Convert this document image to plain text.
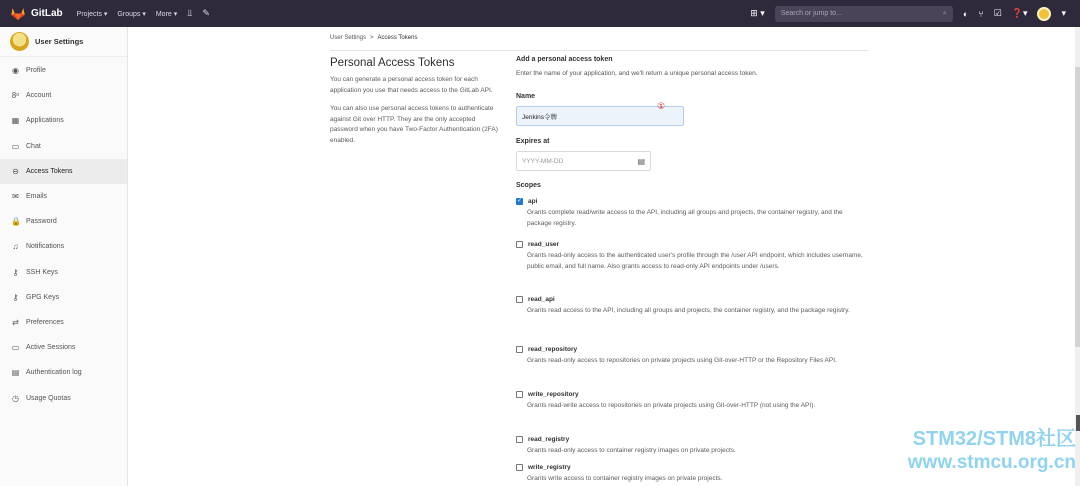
GitLab Projects ▾ Groups ▾ More ▾ ⫫ ✎	⊞ ▾ Search or jump to...	⌕ ◐ ⑂ ☑ ❓▾	▾
User Settings
◉ Profile
8ᵒ Account
▦ Applications
▭ Chat
⊖ Access Tokens
✉ Emails
🔒 Password
♫ Notifications
⚷ SSH Keys
⚷ GPG Keys
⇄ Preferences
▭ Active Sessions
▤ Authentication log
◷ Usage Quotas
User Settings > Access Tokens
Personal Access Tokens

You can generate a personal access token for each application you use that needs access to the GitLab API.

You can also use personal access tokens to authenticate against Git over HTTP. They are the only accepted password when you have Two-Factor Authentication (2FA) enabled.

Add a personal access token
Enter the name of your application, and we'll return a unique personal access token.
Name
Jenkins令牌
①
Expires at
YYYY-MM-DD	▤
Scopes
✓ api
Grants complete read/write access to the API, including all groups and projects, the container registry, and the package registry.
read_user
Grants read-only access to the authenticated user's profile through the /user API endpoint, which includes username, public email, and full name. Also grants access to read-only API endpoints under /users.
read_api
Grants read access to the API, including all groups and projects, the container registry, and the package registry.
read_repository
Grants read-only access to repositories on private projects using Git-over-HTTP or the Repository Files API.
write_repository
Grants read-write access to repositories on private projects using Git-over-HTTP (not using the API).
read_registry
Grants read-only access to container registry images on private projects.
write_registry
Grants write access to container registry images on private projects.
STM32/STM8社区
www.stmcu.org.cn
